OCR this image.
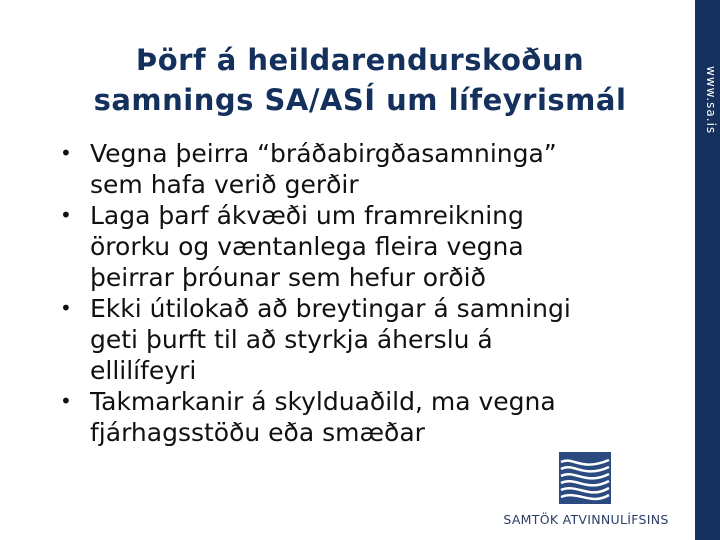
Þörf á heildarendurskoðun
samnings SA/ASÍ um lífeyrismál
• Vegna þeirra “bráðabirgðasamninga”
sem hafa verið gerðir
• Laga þarf ákvæði um framreikning
örorku og væntanlega fleira vegna
þeirrar þróunar sem hefur orðið
• Ekki útilokað að breytingar á samningi
geti þurft til að styrkja áherslu á
ellilífeyri
• Takmarkanir á skylduaðild, ma vegna
fjárhagsstöðu eða smæðar
www.sa.is
SAMTÖK ATVINNULÍFSINS
